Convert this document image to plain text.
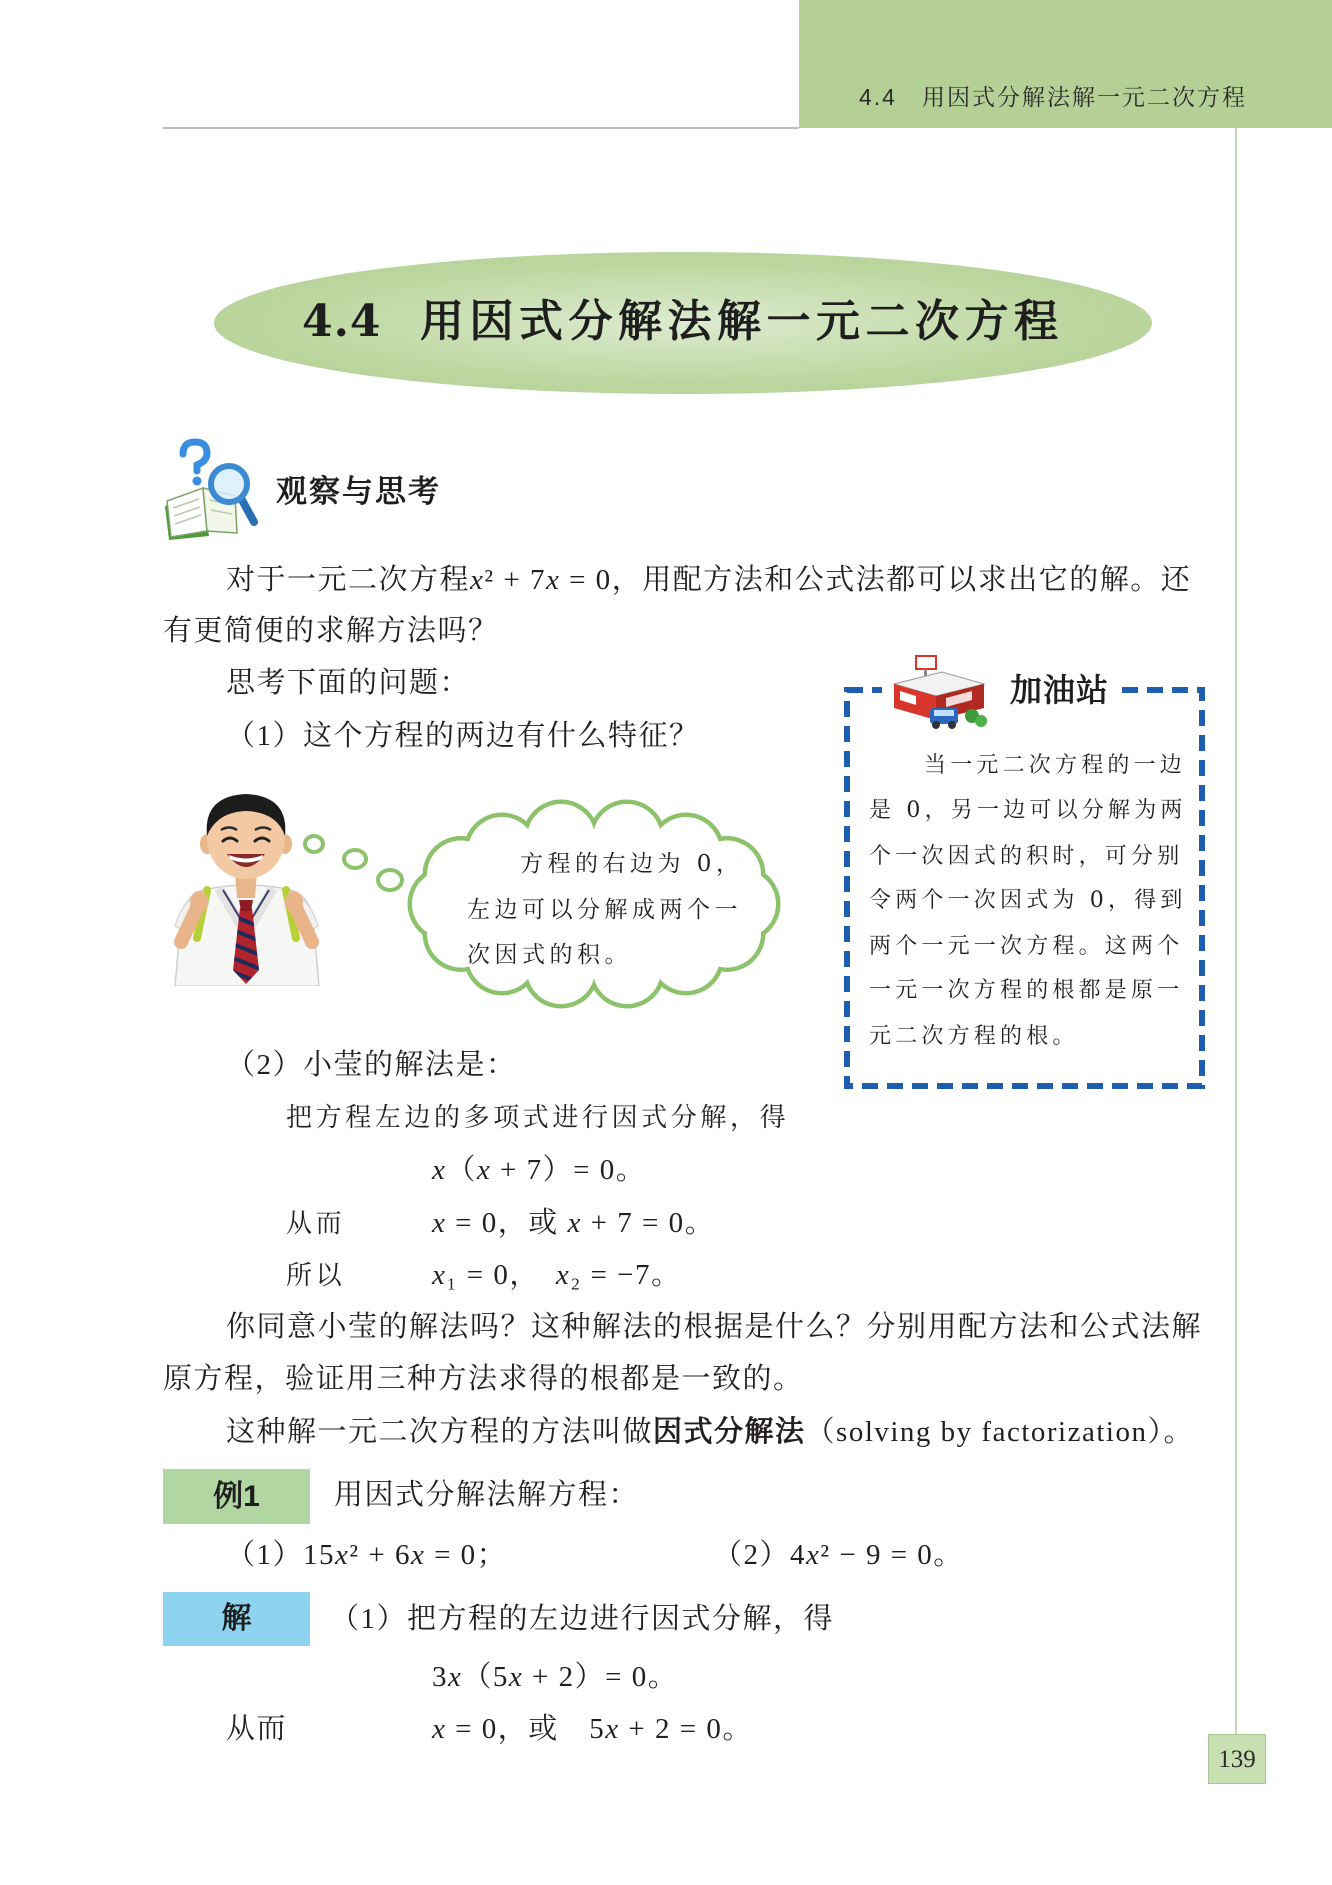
4.4　用因式分解法解一元二次方程
4.4 用因式分解法解一元二次方程
观察与思考
对于一元二次方程x² + 7x = 0，用配方法和公式法都可以求出它的解。还
有更简便的求解方法吗？
思考下面的问题：
（1）这个方程的两边有什么特征？
方程的右边为 0，
左边可以分解成两个一
次因式的积。
加油站
当一元二次方程的一边
是 0，另一边可以分解为两
个一次因式的积时，可分别
令两个一次因式为 0，得到
两个一元一次方程。这两个
一元一次方程的根都是原一
元二次方程的根。
（2）小莹的解法是：
把方程左边的多项式进行因式分解，得
x（x + 7）= 0。
从而	x = 0，或 x + 7 = 0。
所以	x₁ = 0，　x₂ = −7。
你同意小莹的解法吗？这种解法的根据是什么？分别用配方法和公式法解
原方程，验证用三种方法求得的根都是一致的。
这种解一元二次方程的方法叫做因式分解法（solving by factorization）。
例1	用因式分解法解方程：
（1）15x² + 6x = 0；	（2）4x² − 9 = 0。
解	（1）把方程的左边进行因式分解，得
3x（5x + 2）= 0。
从而	x = 0，或　5x + 2 = 0。
139
